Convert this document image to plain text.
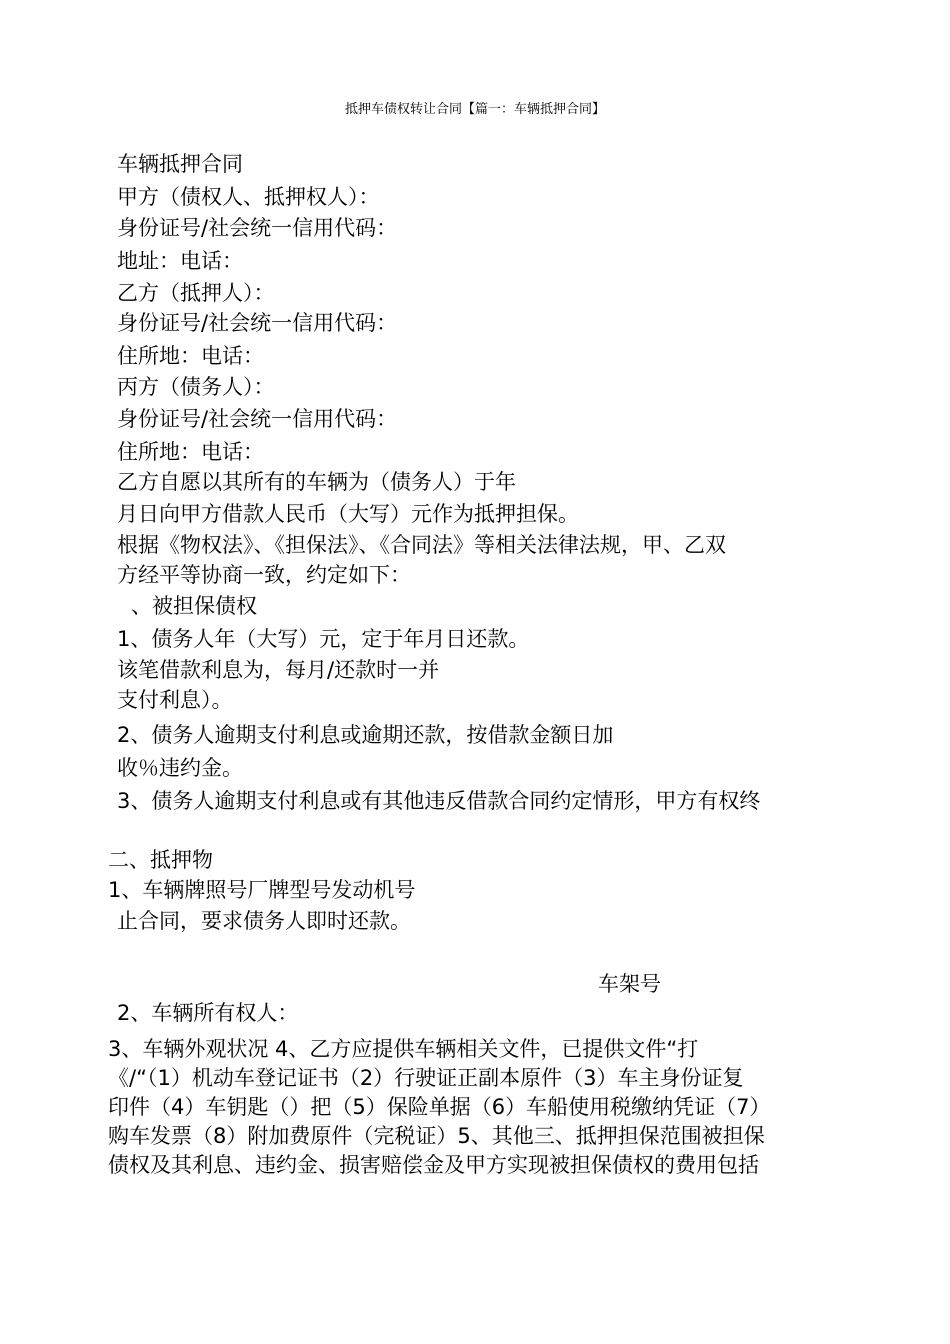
抵押车债权转让合同【篇一：车辆抵押合同】
车辆抵押合同
甲方（债权人、抵押权人）：
身份证号/社会统一信用代码：
地址：电话：
乙方（抵押人）：
身份证号/社会统一信用代码：
住所地：电话：
丙方（债务人）：
身份证号/社会统一信用代码：
住所地：电话：
乙方自愿以其所有的车辆为（债务人）于年
月日向甲方借款人民币（大写）元作为抵押担保。
根据《物权法》、《担保法》、《合同法》等相关法律法规，甲、乙双
方经平等协商一致，约定如下：
、被担保债权
1、债务人年（大写）元，定于年月日还款。
该笔借款利息为，每月/还款时一并
支付利息）。
2、债务人逾期支付利息或逾期还款，按借款金额日加
收％违约金。
3、债务人逾期支付利息或有其他违反借款合同约定情形，甲方有权终
二、抵押物
1、车辆牌照号厂牌型号发动机号
止合同，要求债务人即时还款。
车架号
2、车辆所有权人：
3、车辆外观状况 4、乙方应提供车辆相关文件，已提供文件“打
《/“（1）机动车登记证书（2）行驶证正副本原件（3）车主身份证复
印件（4）车钥匙（）把（5）保险单据（6）车船使用税缴纳凭证（7）
购车发票（8）附加费原件（完税证）5、其他三、抵押担保范围被担保
债权及其利息、违约金、损害赔偿金及甲方实现被担保债权的费用包括
